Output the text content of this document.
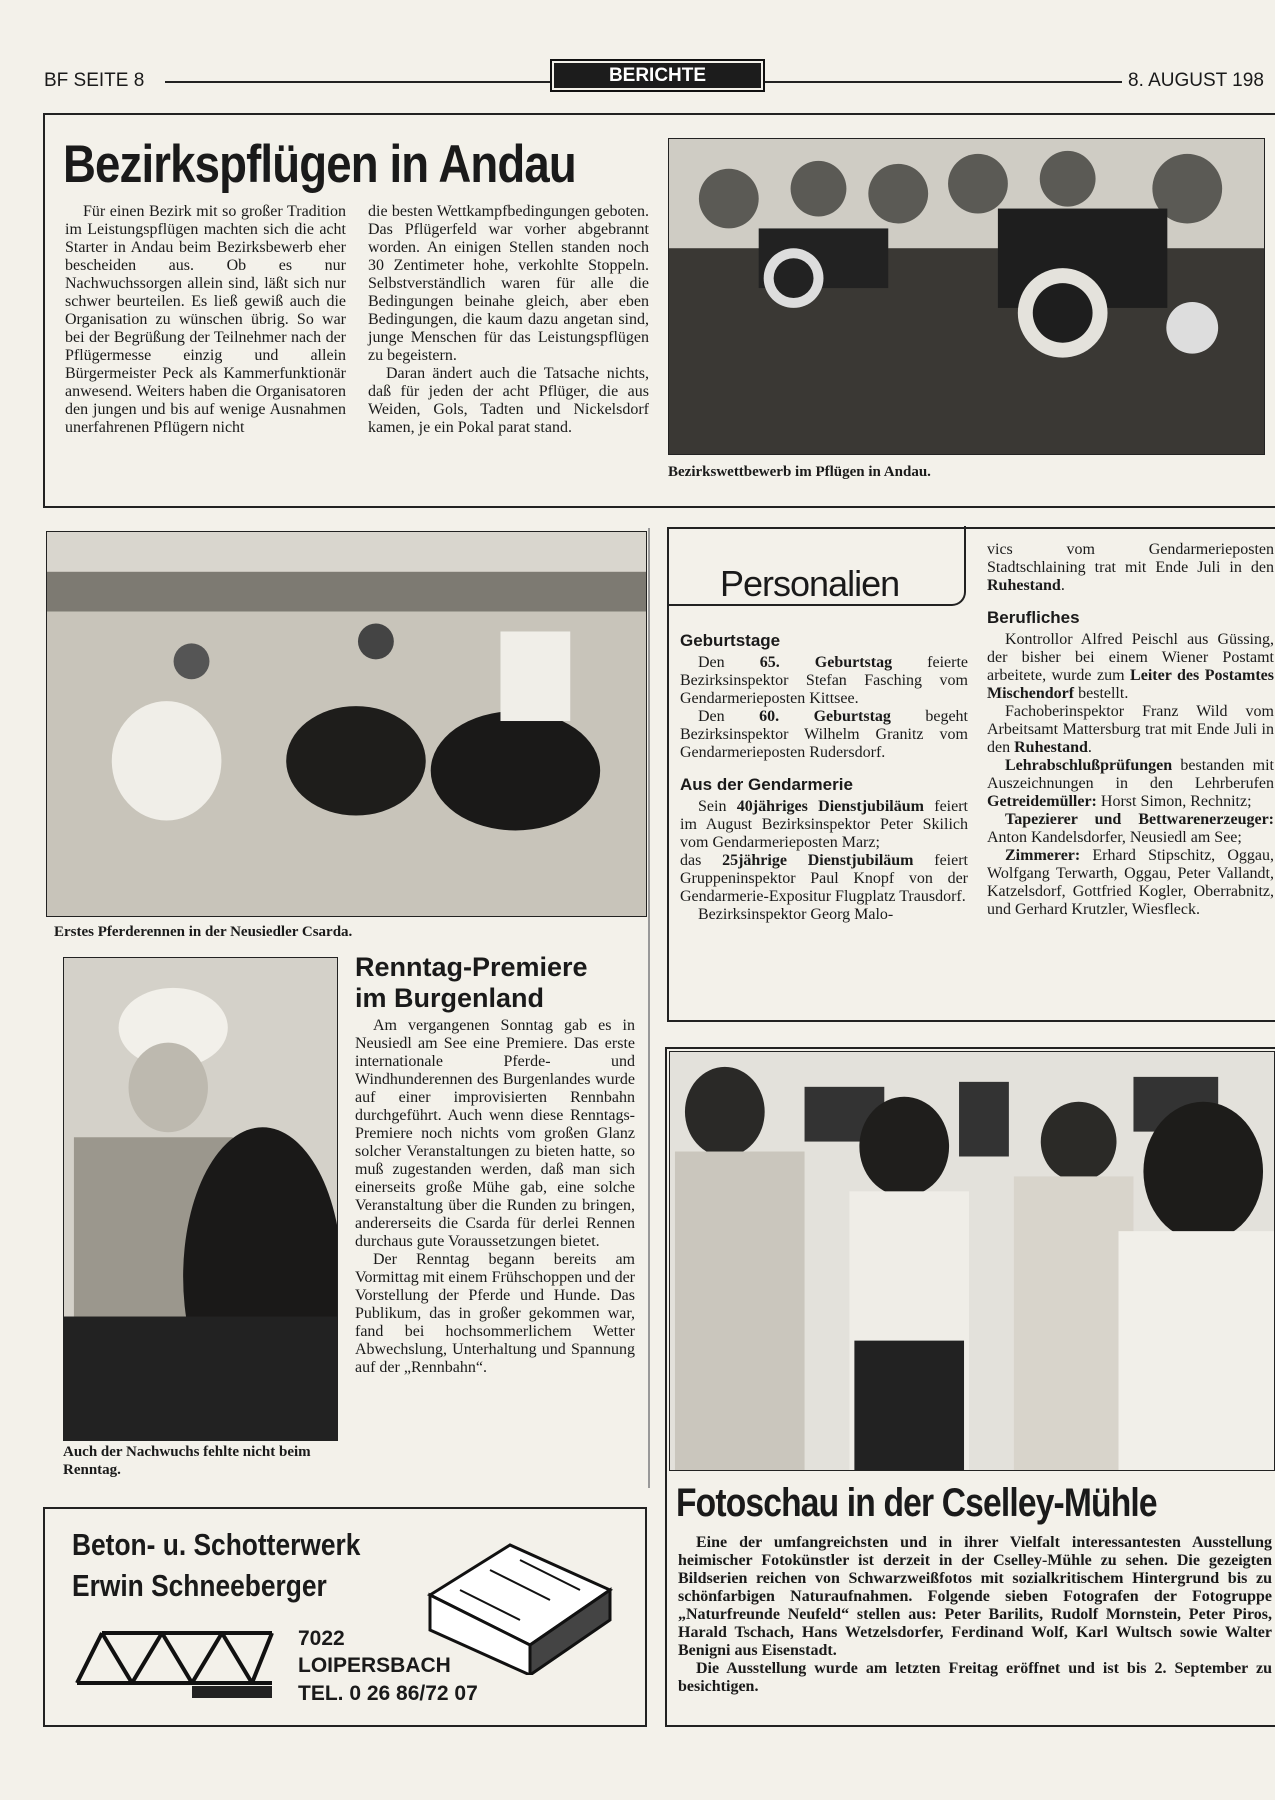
BF SEITE 8	BERICHTE	8. AUGUST 198
Bezirkspflügen in Andau

Für einen Bezirk mit so großer Tradition im Leistungspflügen machten sich die acht Starter in Andau beim Bezirksbewerb eher bescheiden aus. Ob es nur Nachwuchssorgen allein sind, läßt sich nur schwer beurteilen. Es ließ gewiß auch die Organisation zu wünschen übrig. So war bei der Begrüßung der Teilnehmer nach der Pflügermesse einzig und allein Bürgermeister Peck als Kammerfunktionär anwesend. Weiters haben die Organisatoren den jungen und bis auf wenige Ausnahmen unerfahrenen Pflügern nicht

die besten Wettkampfbedingungen geboten. Das Pflügerfeld war vorher abgebrannt worden. An einigen Stellen standen noch 30 Zentimeter hohe, verkohlte Stoppeln. Selbstverständlich waren für alle die Bedingungen beinahe gleich, aber eben Bedingungen, die kaum dazu angetan sind, junge Menschen für das Leistungspflügen zu begeistern.

Daran ändert auch die Tatsache nichts, daß für jeden der acht Pflüger, die aus Weiden, Gols, Tadten und Nickelsdorf kamen, je ein Pokal parat stand.

Bezirkswettbewerb im Pflügen in Andau.
Erstes Pferderennen in der Neusiedler Csarda.
Auch der Nachwuchs fehlte nicht beim Renntag.
Renntag-Premiere
im Burgenland

Am vergangenen Sonntag gab es in Neusiedl am See eine Premiere. Das erste internationale Pferde- und Windhunderennen des Burgenlandes wurde auf einer improvisierten Rennbahn durchgeführt. Auch wenn diese Renntags-Premiere noch nichts vom großen Glanz solcher Veranstaltungen zu bieten hatte, so muß zugestanden werden, daß man sich einerseits große Mühe gab, eine solche Veranstaltung über die Runden zu bringen, andererseits die Csarda für derlei Rennen durchaus gute Voraussetzungen bietet.

Der Renntag begann bereits am Vormittag mit einem Frühschoppen und der Vorstellung der Pferde und Hunde. Das Publikum, das in großer gekommen war, fand bei hochsommerlichem Wetter Abwechslung, Unterhaltung und Spannung auf der „Rennbahn“.

Personalien
Geburtstage

Den 65. Geburtstag feierte Bezirksinspektor Stefan Fasching vom Gendarmerieposten Kittsee.

Den 60. Geburtstag begeht Bezirksinspektor Wilhelm Granitz vom Gendarmerieposten Rudersdorf.

Aus der Gendarmerie

Sein 40jähriges Dienstjubiläum feiert im August Bezirksinspektor Peter Skilich vom Gendarmerieposten Marz;

das 25jährige Dienstjubiläum feiert Gruppeninspektor Paul Knopf von der Gendarmerie-Expositur Flugplatz Trausdorf.

Bezirksinspektor Georg Malo-

vics vom Gendarmerieposten Stadtschlaining trat mit Ende Juli in den Ruhestand.

Berufliches

Kontrollor Alfred Peischl aus Güssing, der bisher bei einem Wiener Postamt arbeitete, wurde zum Leiter des Postamtes Mischendorf bestellt.

Fachoberinspektor Franz Wild vom Arbeitsamt Mattersburg trat mit Ende Juli in den Ruhestand.

Lehrabschlußprüfungen bestanden mit Auszeichnungen in den Lehrberufen Getreidemüller: Horst Simon, Rechnitz;

Tapezierer und Bettwarenerzeuger: Anton Kandelsdorfer, Neusiedl am See;

Zimmerer: Erhard Stipschitz, Oggau, Wolfgang Terwarth, Oggau, Peter Vallandt, Katzelsdorf, Gottfried Kogler, Oberrabnitz, und Gerhard Krutzler, Wiesfleck.

Fotoschau in der Cselley-Mühle

Eine der umfangreichsten und in ihrer Vielfalt interessantesten Ausstellung heimischer Fotokünstler ist derzeit in der Cselley-Mühle zu sehen. Die gezeigten Bildserien reichen von Schwarzweißfotos mit sozialkritischem Hintergrund bis zu schönfarbigen Naturaufnahmen. Folgende sieben Fotografen der Fotogruppe „Naturfreunde Neufeld“ stellen aus: Peter Barilits, Rudolf Mornstein, Peter Piros, Harald Tschach, Hans Wetzelsdorfer, Ferdinand Wolf, Karl Wultsch sowie Walter Benigni aus Eisenstadt.

Die Ausstellung wurde am letzten Freitag eröffnet und ist bis 2. September zu besichtigen.

Beton- u. Schotterwerk
Erwin Schneeberger
7022
LOIPERSBACH
TEL. 0 26 86/72 07
